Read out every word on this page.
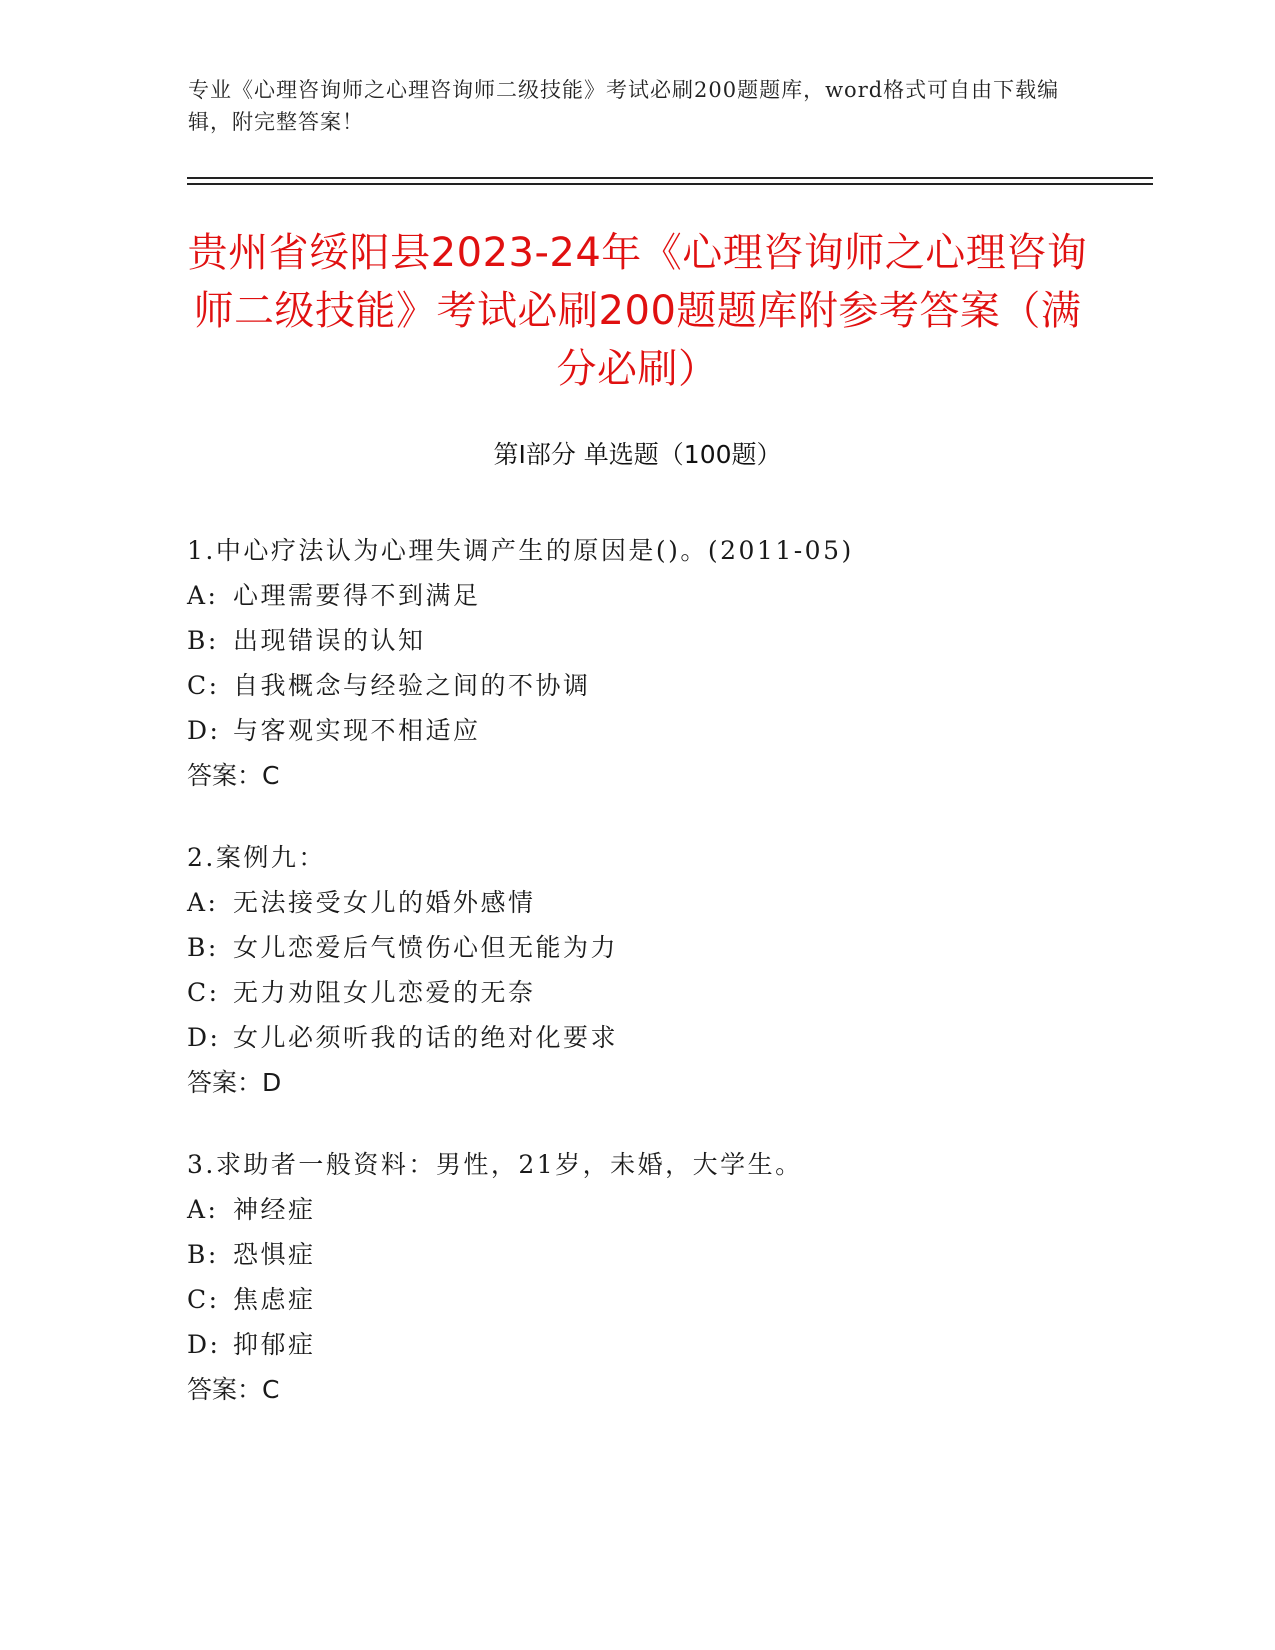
专业《心理咨询师之心理咨询师二级技能》考试必刷200题题库，word格式可自由下载编辑，附完整答案！
贵州省绥阳县2023-24年《心理咨询师之心理咨询师二级技能》考试必刷200题题库附参考答案（满分必刷）
第Ⅰ部分 单选题（100题）
1.中心疗法认为心理失调产生的原因是()。(2011-05)
A: 心理需要得不到满足
B: 出现错误的认知
C: 自我概念与经验之间的不协调
D: 与客观实现不相适应
答案：C
2.案例九：
A: 无法接受女儿的婚外感情
B: 女儿恋爱后气愤伤心但无能为力
C: 无力劝阻女儿恋爱的无奈
D: 女儿必须听我的话的绝对化要求
答案：D
3.求助者一般资料：男性，21岁，未婚，大学生。
A: 神经症
B: 恐惧症
C: 焦虑症
D: 抑郁症
答案：C
